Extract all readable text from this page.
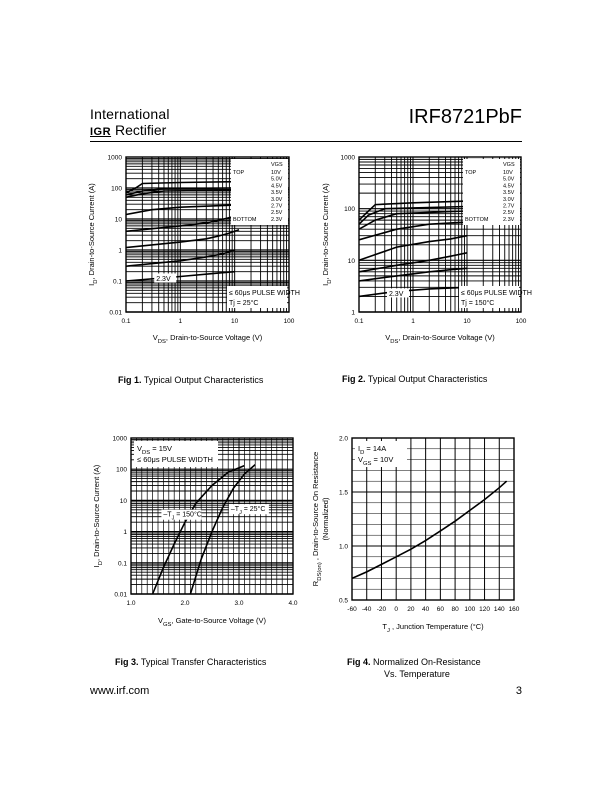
International
IGR Rectifier
IRF8721PbF
0.1	1	10	100
0.01
0.1
1
10
100
1000
$V_{DS}$, Drain-to-Source Voltage (V)
$I_D$, Drain-to-Source Current (A)
VGS
TOP
BOTTOM
10V
5.0V
4.5V
3.5V
3.0V
2.7V
2.5V
2.3V
≤ 60μs PULSE WIDTH
Tj = 25°C
2.3V
0.1	1	10	100
1
10
100
1000
$V_{DS}$, Drain-to-Source Voltage (V)
$I_D$, Drain-to-Source Current (A)
VGS
TOP
BOTTOM
10V
5.0V
4.5V
3.5V
3.0V
2.7V
2.5V
2.3V
≤ 60μs PULSE WIDTH
Tj = 150°C
2.3V
1.0	2.0	3.0	4.0
0.01
0.1
1
10
100
1000
$V_{GS}$, Gate-to-Source Voltage (V)
$I_D$, Drain-to-Source Current (A)
$V_{DS} = 15V$
≤ 60μs PULSE WIDTH
$-T_J = 150^\circ C$
$-T_J = 25^\circ C$
-60 -40 -20 0 20 40 60 80 100 120 140 160
0.5
1.0
1.5
2.0
$T_J$ , Junction Temperature (°C)
$R_{DS(on)}$ , Drain-to-Source On Resistance (Normalized)
$I_D = 14A$
$V_{GS} = 10V$
Fig 1. Typical Output Characteristics	Fig 2. Typical Output Characteristics
Fig 3. Typical Transfer Characteristics	Fig 4. Normalized On-Resistance
Vs. Temperature
www.irf.com	3
